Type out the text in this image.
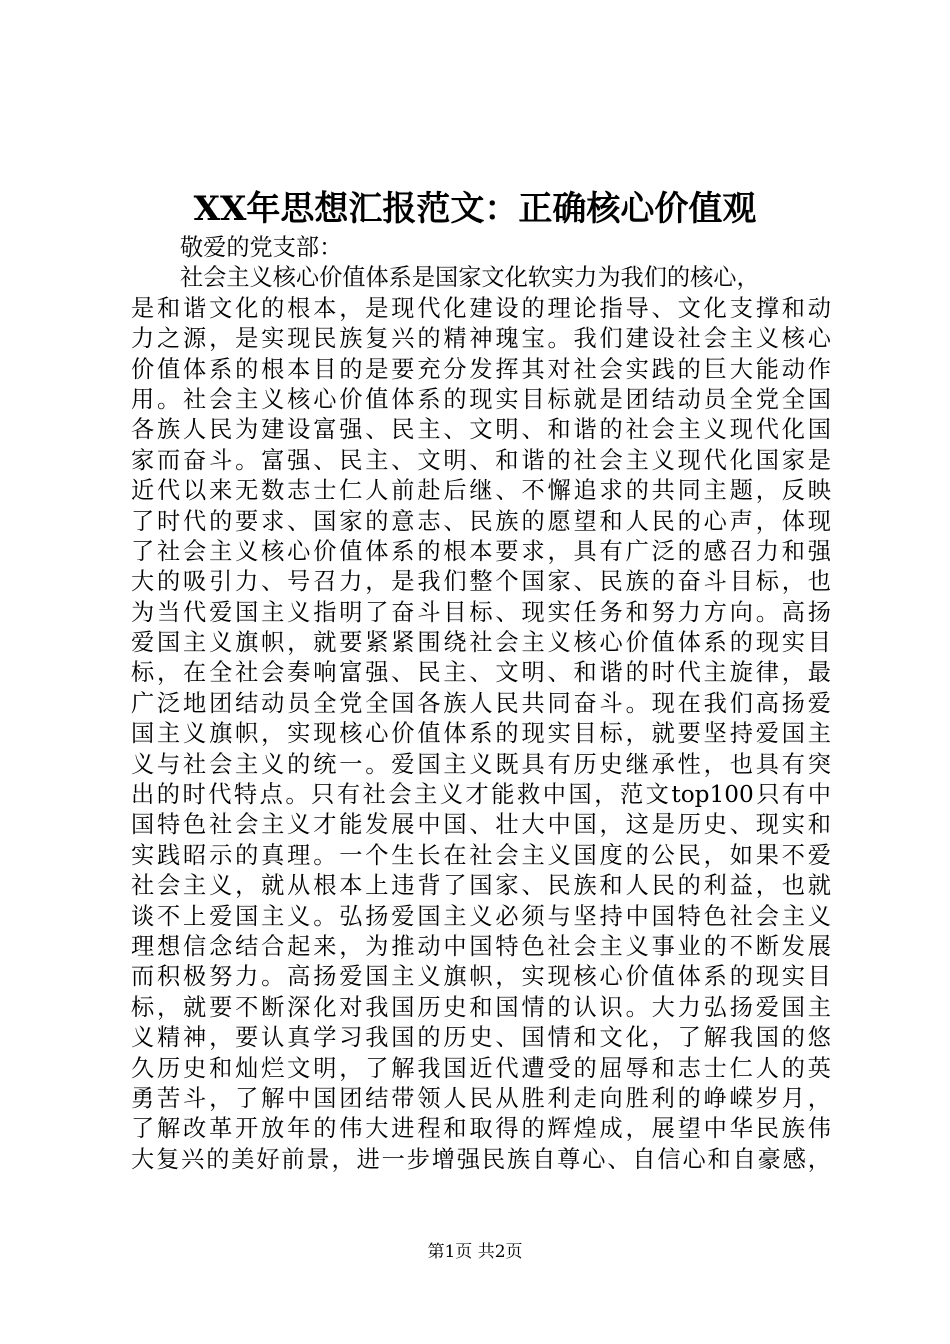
XX年思想汇报范文：正确核心价值观
敬爱的党支部：
社会主义核心价值体系是国家文化软实力为我们的核心，
是和谐文化的根本，是现代化建设的理论指导、文化支撑和动
力之源，是实现民族复兴的精神瑰宝。我们建设社会主义核心
价值体系的根本目的是要充分发挥其对社会实践的巨大能动作
用。社会主义核心价值体系的现实目标就是团结动员全党全国
各族人民为建设富强、民主、文明、和谐的社会主义现代化国
家而奋斗。富强、民主、文明、和谐的社会主义现代化国家是
近代以来无数志士仁人前赴后继、不懈追求的共同主题，反映
了时代的要求、国家的意志、民族的愿望和人民的心声，体现
了社会主义核心价值体系的根本要求，具有广泛的感召力和强
大的吸引力、号召力，是我们整个国家、民族的奋斗目标，也
为当代爱国主义指明了奋斗目标、现实任务和努力方向。高扬
爱国主义旗帜，就要紧紧围绕社会主义核心价值体系的现实目
标，在全社会奏响富强、民主、文明、和谐的时代主旋律，最
广泛地团结动员全党全国各族人民共同奋斗。现在我们高扬爱
国主义旗帜，实现核心价值体系的现实目标，就要坚持爱国主
义与社会主义的统一。爱国主义既具有历史继承性，也具有突
出的时代特点。只有社会主义才能救中国，范文top100只有中
国特色社会主义才能发展中国、壮大中国，这是历史、现实和
实践昭示的真理。一个生长在社会主义国度的公民，如果不爱
社会主义，就从根本上违背了国家、民族和人民的利益，也就
谈不上爱国主义。弘扬爱国主义必须与坚持中国特色社会主义
理想信念结合起来，为推动中国特色社会主义事业的不断发展
而积极努力。高扬爱国主义旗帜，实现核心价值体系的现实目
标，就要不断深化对我国历史和国情的认识。大力弘扬爱国主
义精神，要认真学习我国的历史、国情和文化，了解我国的悠
久历史和灿烂文明，了解我国近代遭受的屈辱和志士仁人的英
勇苦斗，了解中国团结带领人民从胜利走向胜利的峥嵘岁月，
了解改革开放年的伟大进程和取得的辉煌成，展望中华民族伟
大复兴的美好前景，进一步增强民族自尊心、自信心和自豪感，
第1页 共2页
